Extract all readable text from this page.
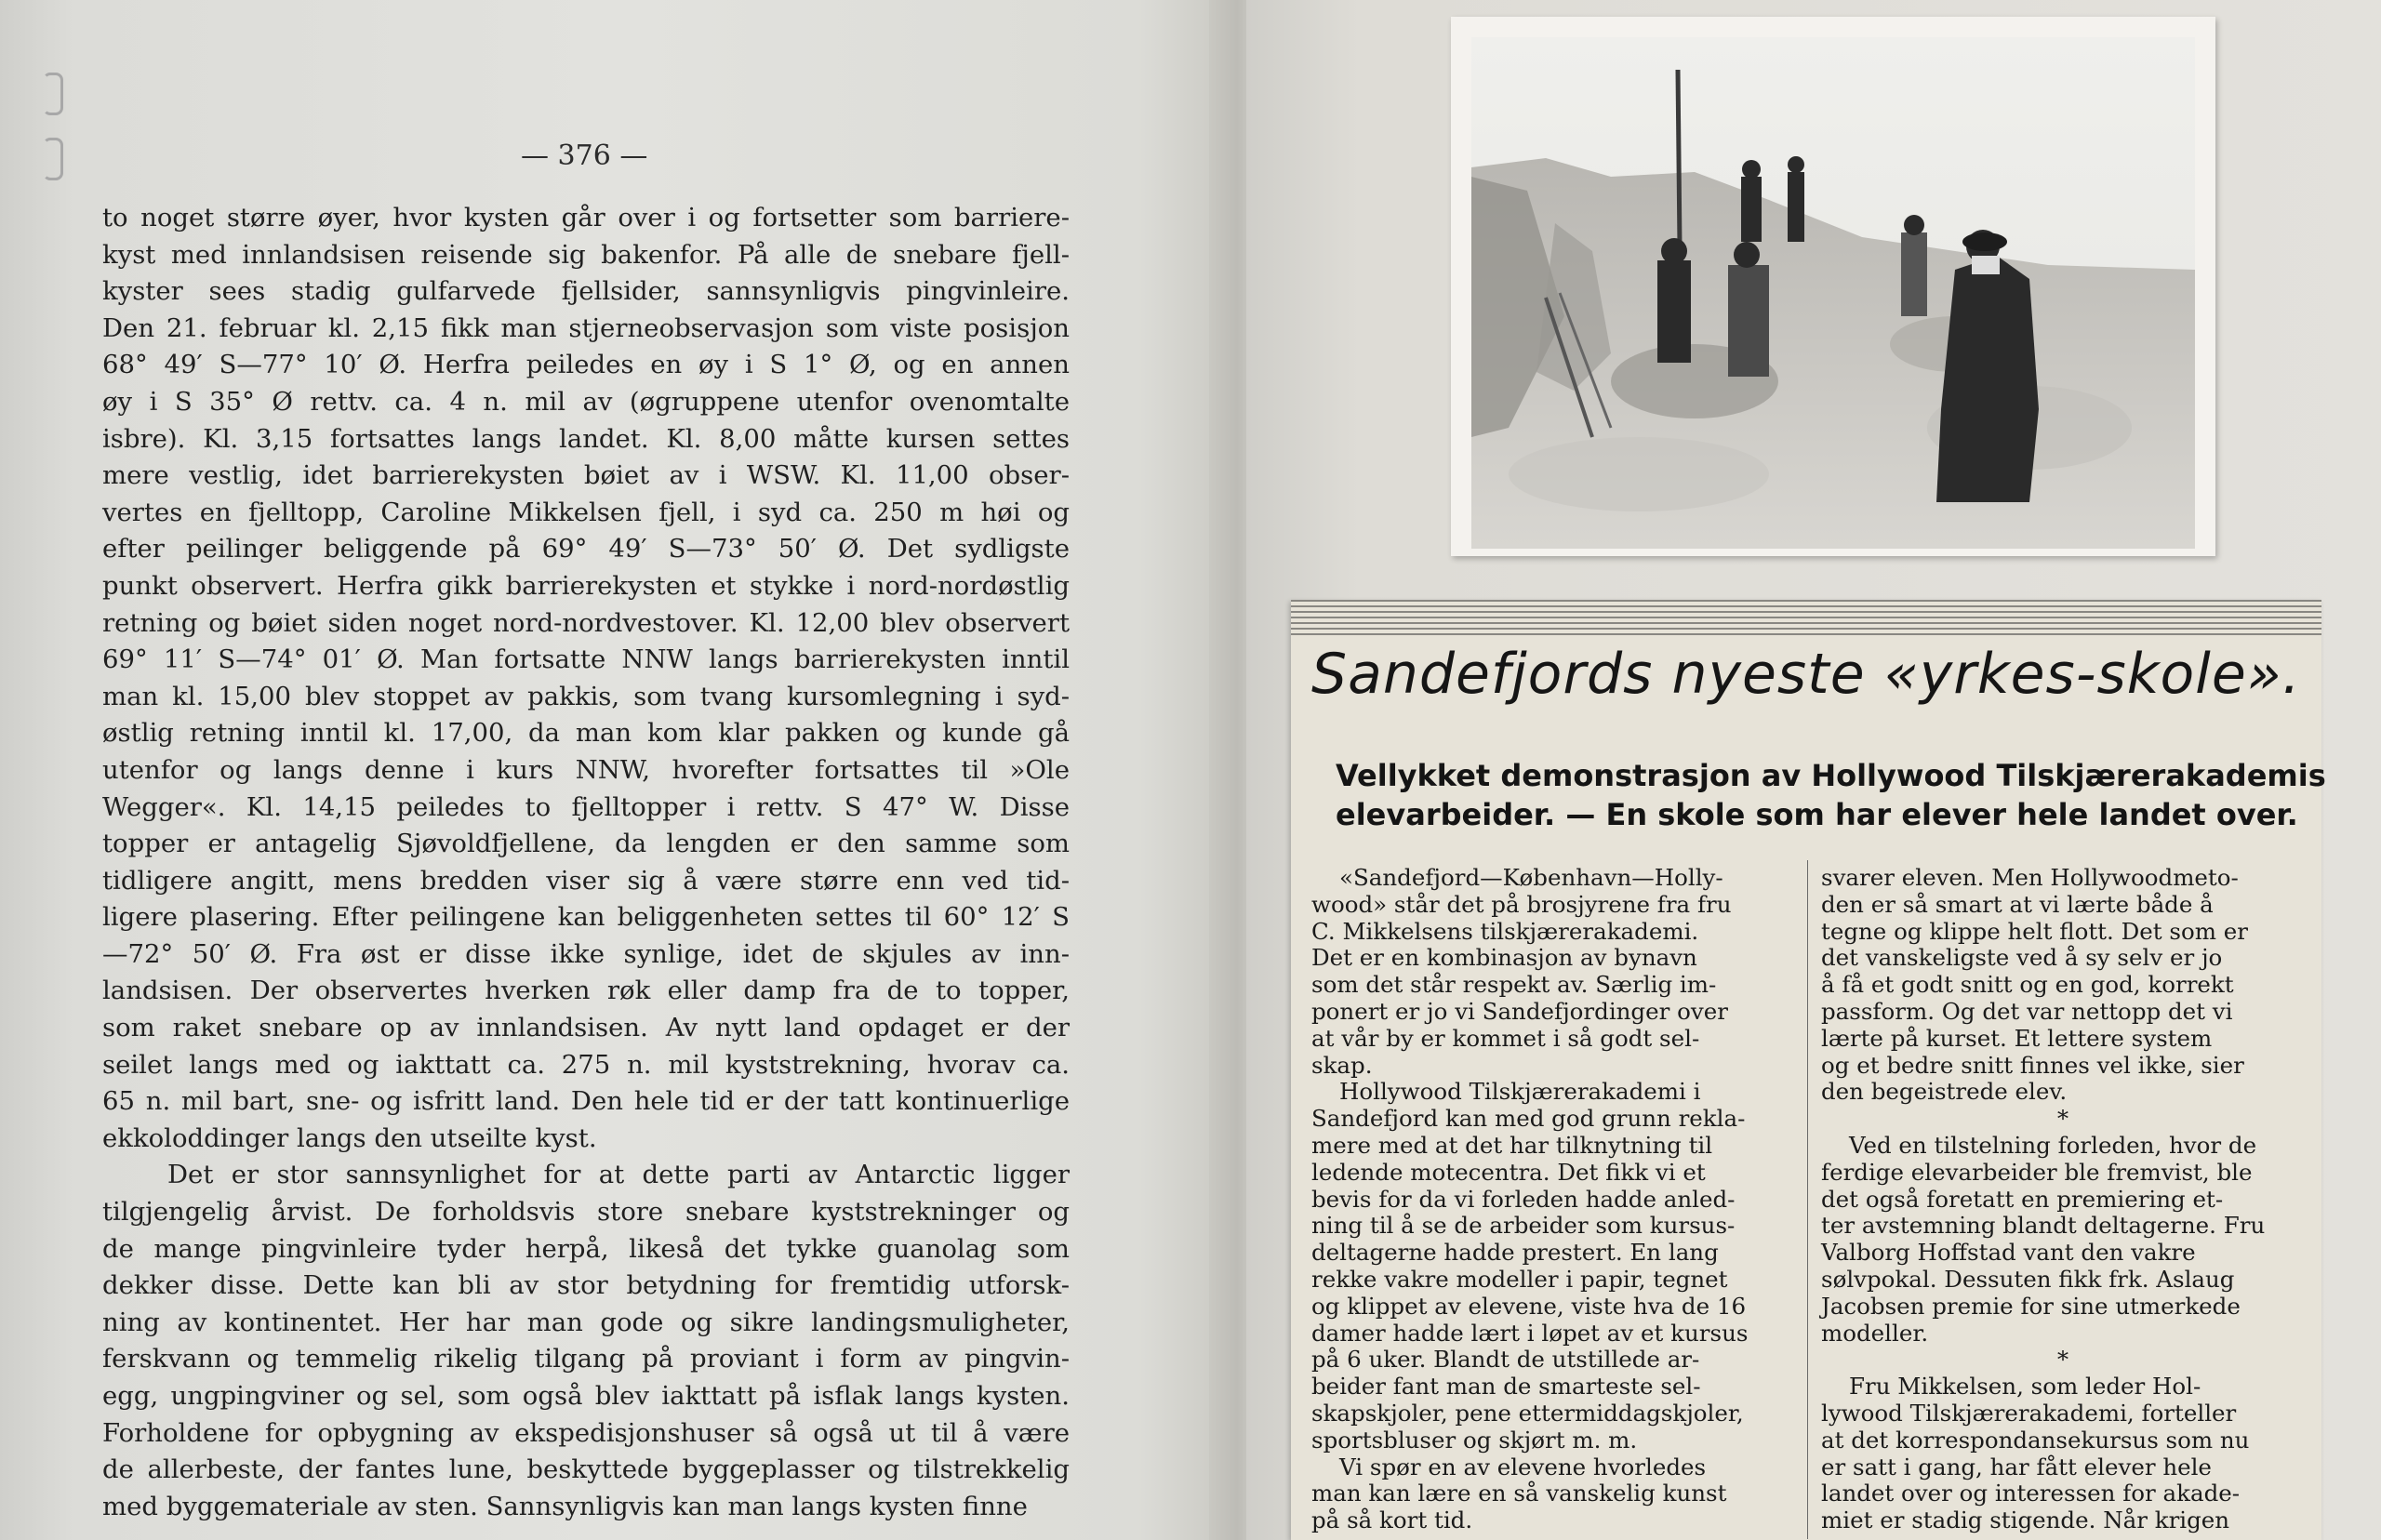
— 376 —
to noget større øyer, hvor kysten går over i og fortsetter som barriere-
kyst med innlandsisen reisende sig bakenfor. På alle de snebare fjell-
kyster sees stadig gulfarvede fjellsider, sannsynligvis pingvinleire.
Den 21. februar kl. 2,15 fikk man stjerneobservasjon som viste posisjon
68° 49′ S—77° 10′ Ø. Herfra peiledes en øy i S 1° Ø, og en annen
øy i S 35° Ø rettv. ca. 4 n. mil av (øgruppene utenfor ovenomtalte
isbre). Kl. 3,15 fortsattes langs landet. Kl. 8,00 måtte kursen settes
mere vestlig, idet barrierekysten bøiet av i WSW. Kl. 11,00 obser-
vertes en fjelltopp, Caroline Mikkelsen fjell, i syd ca. 250 m høi og
efter peilinger beliggende på 69° 49′ S—73° 50′ Ø. Det sydligste
punkt observert. Herfra gikk barrierekysten et stykke i nord-nordøstlig
retning og bøiet siden noget nord-nordvestover. Kl. 12,00 blev observert
69° 11′ S—74° 01′ Ø. Man fortsatte NNW langs barrierekysten inntil
man kl. 15,00 blev stoppet av pakkis, som tvang kursomlegning i syd-
østlig retning inntil kl. 17,00, da man kom klar pakken og kunde gå
utenfor og langs denne i kurs NNW, hvorefter fortsattes til »Ole
Wegger«. Kl. 14,15 peiledes to fjelltopper i rettv. S 47° W. Disse
topper er antagelig Sjøvoldfjellene, da lengden er den samme som
tidligere angitt, mens bredden viser sig å være større enn ved tid-
ligere plasering. Efter peilingene kan beliggenheten settes til 60° 12′ S
—72° 50′ Ø. Fra øst er disse ikke synlige, idet de skjules av inn-
landsisen. Der observertes hverken røk eller damp fra de to topper,
som raket snebare op av innlandsisen. Av nytt land opdaget er der
seilet langs med og iakttatt ca. 275 n. mil kyststrekning, hvorav ca.
65 n. mil bart, sne- og isfritt land. Den hele tid er der tatt kontinuerlige
ekkoloddinger langs den utseilte kyst.
Det er stor sannsynlighet for at dette parti av Antarctic ligger
tilgjengelig årvist. De forholdsvis store snebare kyststrekninger og
de mange pingvinleire tyder herpå, likeså det tykke guanolag som
dekker disse. Dette kan bli av stor betydning for fremtidig utforsk-
ning av kontinentet. Her har man gode og sikre landingsmuligheter,
ferskvann og temmelig rikelig tilgang på proviant i form av pingvin-
egg, ungpingviner og sel, som også blev iakttatt på isflak langs kysten.
Forholdene for opbygning av ekspedisjonshuser så også ut til å være
de allerbeste, der fantes lune, beskyttede byggeplasser og tilstrekkelig
med byggemateriale av sten. Sannsynligvis kan man langs kysten finne
Sandefjords nyeste «yrkes-skole».
Vellykket demonstrasjon av Hollywood Tilskjærerakademis
elevarbeider. — En skole som har elever hele landet over.
«Sandefjord—København—Holly-
wood» står det på brosjyrene fra fru
C. Mikkelsens tilskjærerakademi.
Det er en kombinasjon av bynavn
som det står respekt av. Særlig im-
ponert er jo vi Sandefjordinger over
at vår by er kommet i så godt sel-
skap.
Hollywood Tilskjærerakademi i
Sandefjord kan med god grunn rekla-
mere med at det har tilknytning til
ledende motecentra. Det fikk vi et
bevis for da vi forleden hadde anled-
ning til å se de arbeider som kursus-
deltagerne hadde prestert. En lang
rekke vakre modeller i papir, tegnet
og klippet av elevene, viste hva de 16
damer hadde lært i løpet av et kursus
på 6 uker. Blandt de utstillede ar-
beider fant man de smarteste sel-
skapskjoler, pene ettermiddagskjoler,
sportsbluser og skjørt m. m.
Vi spør en av elevene hvorledes
man kan lære en så vanskelig kunst
på så kort tid.
svarer eleven. Men Hollywoodmeto-
den er så smart at vi lærte både å
tegne og klippe helt flott. Det som er
det vanskeligste ved å sy selv er jo
å få et godt snitt og en god, korrekt
passform. Og det var nettopp det vi
lærte på kurset. Et lettere system
og et bedre snitt finnes vel ikke, sier
den begeistrede elev.
*
Ved en tilstelning forleden, hvor de
ferdige elevarbeider ble fremvist, ble
det også foretatt en premiering et-
ter avstemning blandt deltagerne. Fru
Valborg Hoffstad vant den vakre
sølvpokal. Dessuten fikk frk. Aslaug
Jacobsen premie for sine utmerkede
modeller.
*
Fru Mikkelsen, som leder Hol-
lywood Tilskjærerakademi, forteller
at det korrespondansekursus som nu
er satt i gang, har fått elever hele
landet over og interessen for akade-
miet er stadig stigende. Når krigen
